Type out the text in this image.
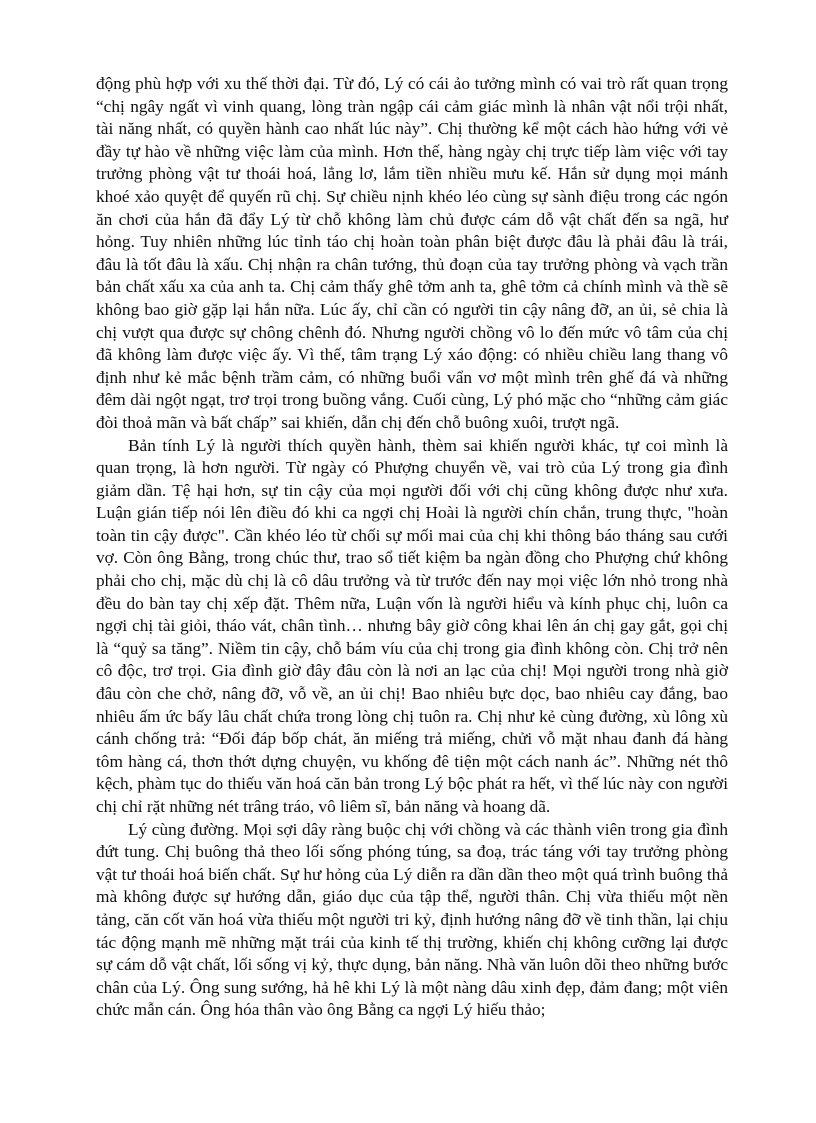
động phù hợp với xu thế thời đại. Từ đó, Lý có cái ảo tưởng mình có vai trò rất quan trọng “chị ngây ngất vì vinh quang, lòng tràn ngập cái cảm giác mình là nhân vật nổi trội nhất, tài năng nhất, có quyền hành cao nhất lúc này”. Chị thường kể một cách hào hứng với vẻ đầy tự hào về những việc làm của mình. Hơn thế, hàng ngày chị trực tiếp làm việc với tay trưởng phòng vật tư thoái hoá, lẳng lơ, lắm tiền nhiều mưu kế. Hắn sử dụng mọi mánh khoé xảo quyệt để quyến rũ chị. Sự chiều nịnh khéo léo cùng sự sành điệu trong các ngón ăn chơi của hắn đã đẩy Lý từ chỗ không làm chủ được cám dỗ vật chất đến sa ngã, hư hỏng. Tuy nhiên những lúc tỉnh táo chị hoàn toàn phân biệt được đâu là phải đâu là trái, đâu là tốt đâu là xấu. Chị nhận ra chân tướng, thủ đoạn của tay trưởng phòng và vạch trần bản chất xấu xa của anh ta. Chị cảm thấy ghê tởm anh ta, ghê tởm cả chính mình và thề sẽ không bao giờ gặp lại hắn nữa. Lúc ấy, chỉ cần có người tin cậy nâng đỡ, an ủi, sẻ chia là chị vượt qua được sự chông chênh đó. Nhưng người chồng vô lo đến mức vô tâm của chị đã không làm được việc ấy. Vì thế, tâm trạng Lý xáo động: có nhiều chiều lang thang vô định như kẻ mắc bệnh trầm cảm, có những buổi vẩn vơ một mình trên ghế đá và những đêm dài ngột ngạt, trơ trọi trong buồng vắng. Cuối cùng, Lý phó mặc cho “những cảm giác đòi thoả mãn và bất chấp” sai khiến, dẫn chị đến chỗ buông xuôi, trượt ngã.

Bản tính Lý là người thích quyền hành, thèm sai khiến người khác, tự coi mình là quan trọng, là hơn người. Từ ngày có Phượng chuyển về, vai trò của Lý trong gia đình giảm dần. Tệ hại hơn, sự tin cậy của mọi người đối với chị cũng không được như xưa. Luận gián tiếp nói lên điều đó khi ca ngợi chị Hoài là người chín chắn, trung thực, "hoàn toàn tin cậy được". Cần khéo léo từ chối sự mối mai của chị khi thông báo tháng sau cưới vợ. Còn ông Bằng, trong chúc thư, trao sổ tiết kiệm ba ngàn đồng cho Phượng chứ không phải cho chị, mặc dù chị là cô dâu trưởng và từ trước đến nay mọi việc lớn nhỏ trong nhà đều do bàn tay chị xếp đặt. Thêm nữa, Luận vốn là người hiểu và kính phục chị, luôn ca ngợi chị tài giỏi, tháo vát, chân tình… nhưng bây giờ công khai lên án chị gay gắt, gọi chị là “quỷ sa tăng”. Niềm tin cậy, chỗ bám víu của chị trong gia đình không còn. Chị trở nên cô độc, trơ trọi. Gia đình giờ đây đâu còn là nơi an lạc của chị! Mọi người trong nhà giờ đâu còn che chở, nâng đỡ, vỗ về, an ủi chị! Bao nhiêu bực dọc, bao nhiêu cay đắng, bao nhiêu ấm ức bấy lâu chất chứa trong lòng chị tuôn ra. Chị như kẻ cùng đường, xù lông xù cánh chống trả: “Đối đáp bốp chát, ăn miếng trả miếng, chửi vỗ mặt nhau đanh đá hàng tôm hàng cá, thơn thớt dựng chuyện, vu khống đê tiện một cách nanh ác”. Những nét thô kệch, phàm tục do thiếu văn hoá căn bản trong Lý bộc phát ra hết, vì thế lúc này con người chị chỉ rặt những nét trâng tráo, vô liêm sĩ, bản năng và hoang dã.

Lý cùng đường. Mọi sợi dây ràng buộc chị với chồng và các thành viên trong gia đình đứt tung. Chị buông thả theo lối sống phóng túng, sa đoạ, trác táng với tay trưởng phòng vật tư thoái hoá biến chất. Sự hư hỏng của Lý diễn ra dần dần theo một quá trình buông thả mà không được sự hướng dẫn, giáo dục của tập thể, người thân. Chị vừa thiếu một nền tảng, căn cốt văn hoá vừa thiếu một người tri kỷ, định hướng nâng đỡ về tinh thần, lại chịu tác động mạnh mẽ những mặt trái của kinh tế thị trường, khiến chị không cưỡng lại được sự cám dỗ vật chất, lối sống vị kỷ, thực dụng, bản năng. Nhà văn luôn dõi theo những bước chân của Lý. Ông sung sướng, hả hê khi Lý là một nàng dâu xinh đẹp, đảm đang; một viên chức mẫn cán. Ông hóa thân vào ông Bằng ca ngợi Lý hiếu thảo;
